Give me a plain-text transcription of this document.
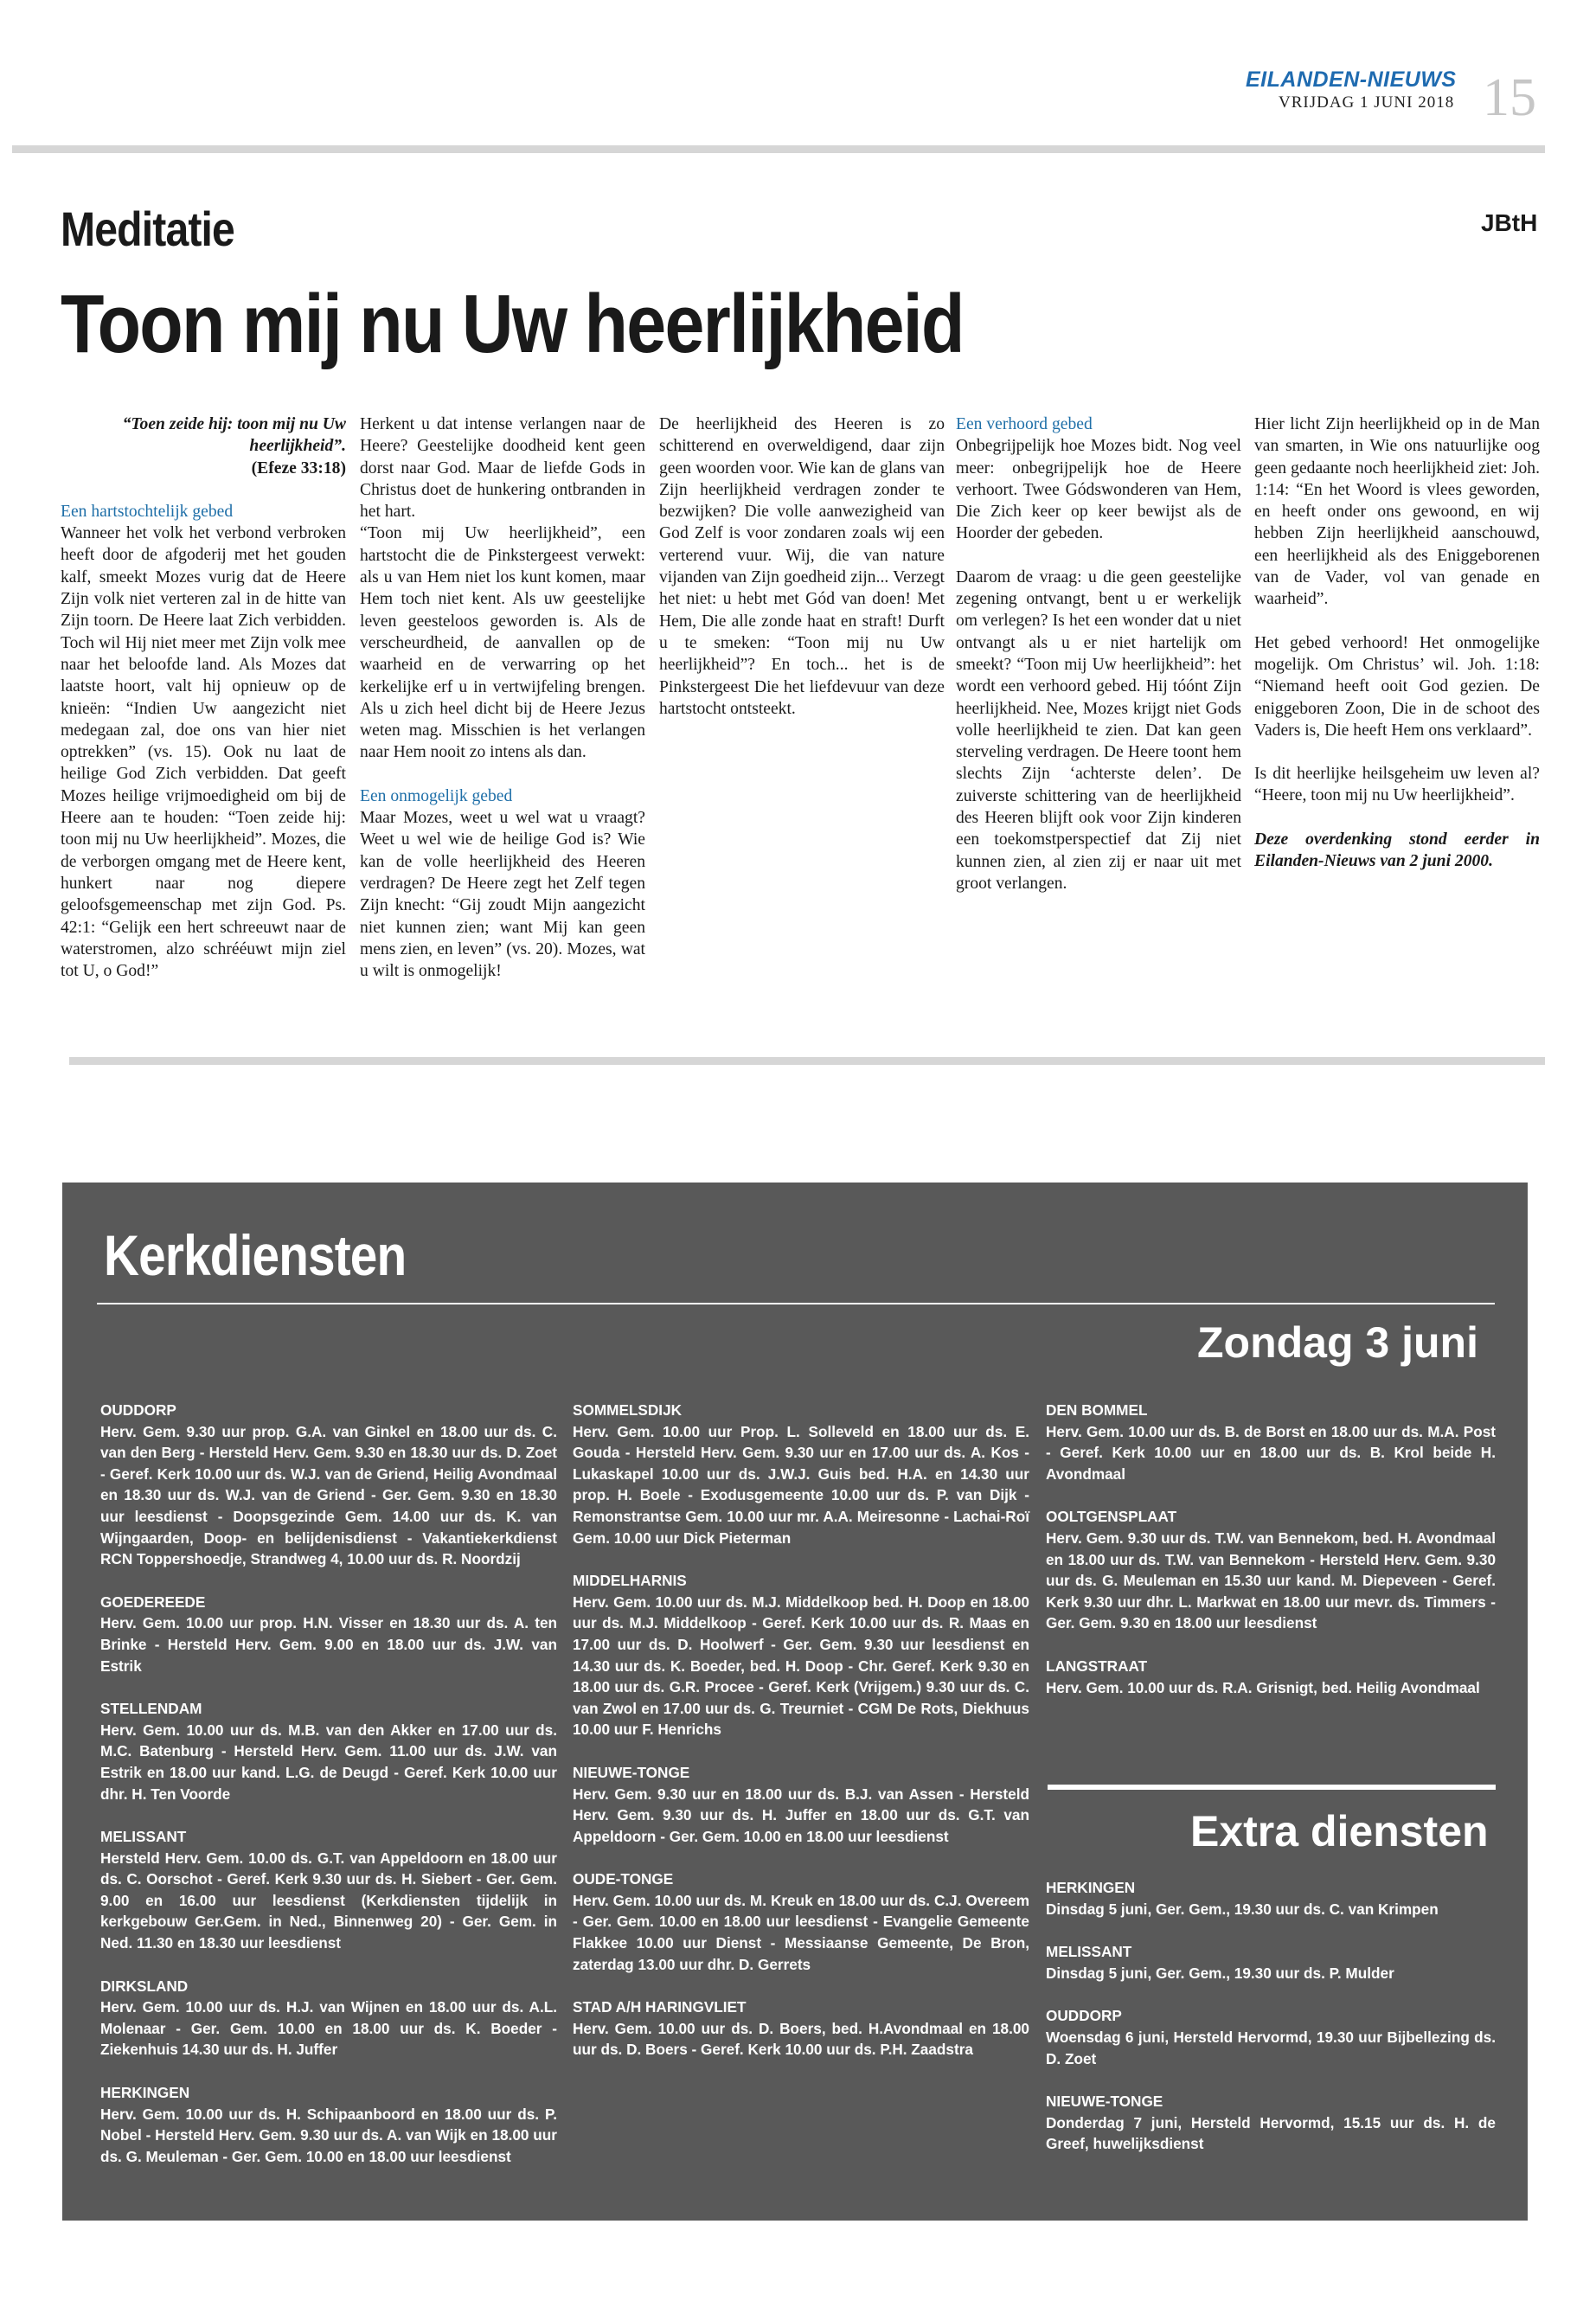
EILANDEN-NIEUWS
VRIJDAG 1 JUNI 2018 15
Meditatie	JBtH
Toon mij nu Uw heerlijkheid

“Toen zeide hij: toon mij nu Uw heerlijkheid”.

(Efeze 33:18)

Een hartstochtelijk gebed

Wanneer het volk het verbond verbroken heeft door de afgoderij met het gouden kalf, smeekt Mozes vurig dat de Heere Zijn volk niet verteren zal in de hitte van Zijn toorn. De Heere laat Zich verbidden. Toch wil Hij niet meer met Zijn volk mee naar het beloofde land. Als Mozes dat laatste hoort, valt hij opnieuw op de knieën: “Indien Uw aangezicht niet medegaan zal, doe ons van hier niet optrekken” (vs. 15). Ook nu laat de heilige God Zich verbidden. Dat geeft Mozes heilige vrijmoedigheid om bij de Heere aan te houden: “Toen zeide hij: toon mij nu Uw heerlijkheid”. Mozes, die de verborgen omgang met de Heere kent, hunkert naar nog diepere geloofsgemeenschap met zijn God. Ps. 42:1: “Gelijk een hert schreeuwt naar de waterstromen, alzo schrééuwt mijn ziel tot U, o God!”

Herkent u dat intense verlangen naar de Heere? Geestelijke doodheid kent geen dorst naar God. Maar de liefde Gods in Christus doet de hunkering ontbranden in het hart.

“Toon mij Uw heerlijkheid”, een hartstocht die de Pinkstergeest verwekt: als u van Hem niet los kunt komen, maar Hem toch niet kent. Als uw geestelijke leven geesteloos geworden is. Als de verscheurdheid, de aanvallen op de waarheid en de verwarring op het kerkelijke erf u in vertwijfeling brengen. Als u zich heel dicht bij de Heere Jezus weten mag. Misschien is het verlangen naar Hem nooit zo intens als dan.

Een onmogelijk gebed

Maar Mozes, weet u wel wat u vraagt? Weet u wel wie de heilige God is? Wie kan de volle heerlijkheid des Heeren verdragen? De Heere zegt het Zelf tegen Zijn knecht: “Gij zoudt Mijn aangezicht niet kunnen zien; want Mij kan geen mens zien, en leven” (vs. 20). Mozes, wat u wilt is onmogelijk!

De heerlijkheid des Heeren is zo schitterend en overweldigend, daar zijn geen woorden voor. Wie kan de glans van Zijn heerlijkheid verdragen zonder te bezwijken? Die volle aanwezigheid van God Zelf is voor zondaren zoals wij een verterend vuur. Wij, die van nature vijanden van Zijn goedheid zijn... Verzegt het niet: u hebt met Gód van doen! Met Hem, Die alle zonde haat en straft! Durft u te smeken: “Toon mij nu Uw heerlijkheid”? En toch... het is de Pinkstergeest Die het liefdevuur van deze hartstocht ontsteekt.

Een verhoord gebed

Onbegrijpelijk hoe Mozes bidt. Nog veel meer: onbegrijpelijk hoe de Heere verhoort. Twee Gódswonderen van Hem, Die Zich keer op keer bewijst als de Hoorder der gebeden.

Daarom de vraag: u die geen geestelijke zegening ontvangt, bent u er werkelijk om verlegen? Is het een wonder dat u niet ontvangt als u er niet hartelijk om smeekt? “Toon mij Uw heerlijkheid”: het wordt een verhoord gebed. Hij tóónt Zijn heerlijkheid. Nee, Mozes krijgt niet Gods volle heerlijkheid te zien. Dat kan geen sterveling verdragen. De Heere toont hem slechts Zijn ‘achterste delen’. De zuiverste schittering van de heerlijkheid des Heeren blijft ook voor Zijn kinderen een toekomstperspectief dat Zij niet kunnen zien, al zien zij er naar uit met groot verlangen.

Hier licht Zijn heerlijkheid op in de Man van smarten, in Wie ons natuurlijke oog geen gedaante noch heerlijkheid ziet: Joh. 1:14: “En het Woord is vlees geworden, en heeft onder ons gewoond, en wij hebben Zijn heerlijkheid aanschouwd, een heerlijkheid als des Eniggeborenen van de Vader, vol van genade en waarheid”.

Het gebed verhoord! Het onmogelijke mogelijk. Om Christus’ wil. Joh. 1:18: “Niemand heeft ooit God gezien. De eniggeboren Zoon, Die in de schoot des Vaders is, Die heeft Hem ons verklaard”.

Is dit heerlijke heilsgeheim uw leven al? “Heere, toon mij nu Uw heerlijkheid”.

Deze overdenking stond eerder in Eilanden-Nieuws van 2 juni 2000.

Kerkdiensten
Zondag 3 juni
OUDDORP

Herv. Gem. 9.30 uur prop. G.A. van Ginkel en 18.00 uur ds. C. van den Berg - Hersteld Herv. Gem. 9.30 en 18.30 uur ds. D. Zoet - Geref. Kerk 10.00 uur ds. W.J. van de Griend, Heilig Avondmaal en 18.30 uur ds. W.J. van de Griend - Ger. Gem. 9.30 en 18.30 uur leesdienst - Doopsgezinde Gem. 14.00 uur ds. K. van Wijngaarden, Doop- en belijdenisdienst - Vakantiekerkdienst RCN Toppershoedje, Strandweg 4, 10.00 uur ds. R. Noordzij

GOEDEREEDE

Herv. Gem. 10.00 uur prop. H.N. Visser en 18.30 uur ds. A. ten Brinke - Hersteld Herv. Gem. 9.00 en 18.00 uur ds. J.W. van Estrik

STELLENDAM

Herv. Gem. 10.00 uur ds. M.B. van den Akker en 17.00 uur ds. M.C. Batenburg - Hersteld Herv. Gem. 11.00 uur ds. J.W. van Estrik en 18.00 uur kand. L.G. de Deugd - Geref. Kerk 10.00 uur dhr. H. Ten Voorde

MELISSANT

Hersteld Herv. Gem. 10.00 ds. G.T. van Appeldoorn en 18.00 uur ds. C. Oorschot - Geref. Kerk 9.30 uur ds. H. Siebert - Ger. Gem. 9.00 en 16.00 uur leesdienst (Kerkdiensten tijdelijk in kerkgebouw Ger.Gem. in Ned., Binnenweg 20) - Ger. Gem. in Ned. 11.30 en 18.30 uur leesdienst

DIRKSLAND

Herv. Gem. 10.00 uur ds. H.J. van Wijnen en 18.00 uur ds. A.L. Molenaar - Ger. Gem. 10.00 en 18.00 uur ds. K. Boeder - Ziekenhuis 14.30 uur ds. H. Juffer

HERKINGEN

Herv. Gem. 10.00 uur ds. H. Schipaanboord en 18.00 uur ds. P. Nobel - Hersteld Herv. Gem. 9.30 uur ds. A. van Wijk en 18.00 uur ds. G. Meuleman - Ger. Gem. 10.00 en 18.00 uur leesdienst

SOMMELSDIJK

Herv. Gem. 10.00 uur Prop. L. Solleveld en 18.00 uur ds. E. Gouda - Hersteld Herv. Gem. 9.30 uur en 17.00 uur ds. A. Kos - Lukaskapel 10.00 uur ds. J.W.J. Guis bed. H.A. en 14.30 uur prop. H. Boele - Exodusgemeente 10.00 uur ds. P. van Dijk - Remonstrantse Gem. 10.00 uur mr. A.A. Meiresonne - Lachai-Roï Gem. 10.00 uur Dick Pieterman

MIDDELHARNIS

Herv. Gem. 10.00 uur ds. M.J. Middelkoop bed. H. Doop en 18.00 uur ds. M.J. Middelkoop - Geref. Kerk 10.00 uur ds. R. Maas en 17.00 uur ds. D. Hoolwerf - Ger. Gem. 9.30 uur leesdienst en 14.30 uur ds. K. Boeder, bed. H. Doop - Chr. Geref. Kerk 9.30 en 18.00 uur ds. G.R. Procee - Geref. Kerk (Vrijgem.) 9.30 uur ds. C. van Zwol en 17.00 uur ds. G. Treurniet - CGM De Rots, Diekhuus 10.00 uur F. Henrichs

NIEUWE-TONGE

Herv. Gem. 9.30 uur en 18.00 uur ds. B.J. van Assen - Hersteld Herv. Gem. 9.30 uur ds. H. Juffer en 18.00 uur ds. G.T. van Appeldoorn - Ger. Gem. 10.00 en 18.00 uur leesdienst

OUDE-TONGE

Herv. Gem. 10.00 uur ds. M. Kreuk en 18.00 uur ds. C.J. Overeem - Ger. Gem. 10.00 en 18.00 uur leesdienst - Evangelie Gemeente Flakkee 10.00 uur Dienst - Messiaanse Gemeente, De Bron, zaterdag 13.00 uur dhr. D. Gerrets

STAD A/H HARINGVLIET

Herv. Gem. 10.00 uur ds. D. Boers, bed. H.Avondmaal en 18.00 uur ds. D. Boers - Geref. Kerk 10.00 uur ds. P.H. Zaadstra

DEN BOMMEL

Herv. Gem. 10.00 uur ds. B. de Borst en 18.00 uur ds. M.A. Post - Geref. Kerk 10.00 uur en 18.00 uur ds. B. Krol beide H. Avondmaal

OOLTGENSPLAAT

Herv. Gem. 9.30 uur ds. T.W. van Bennekom, bed. H. Avondmaal en 18.00 uur ds. T.W. van Bennekom - Hersteld Herv. Gem. 9.30 uur ds. G. Meuleman en 15.30 uur kand. M. Diepeveen - Geref. Kerk 9.30 uur dhr. L. Markwat en 18.00 uur mevr. ds. Timmers - Ger. Gem. 9.30 en 18.00 uur leesdienst

LANGSTRAAT

Herv. Gem. 10.00 uur ds. R.A. Grisnigt, bed. Heilig Avondmaal

Extra diensten
HERKINGEN

Dinsdag 5 juni, Ger. Gem., 19.30 uur ds. C. van Krimpen

MELISSANT

Dinsdag 5 juni, Ger. Gem., 19.30 uur ds. P. Mulder

OUDDORP

Woensdag 6 juni, Hersteld Hervormd, 19.30 uur Bijbellezing ds. D. Zoet

NIEUWE-TONGE

Donderdag 7 juni, Hersteld Hervormd, 15.15 uur ds. H. de Greef, huwelijksdienst
